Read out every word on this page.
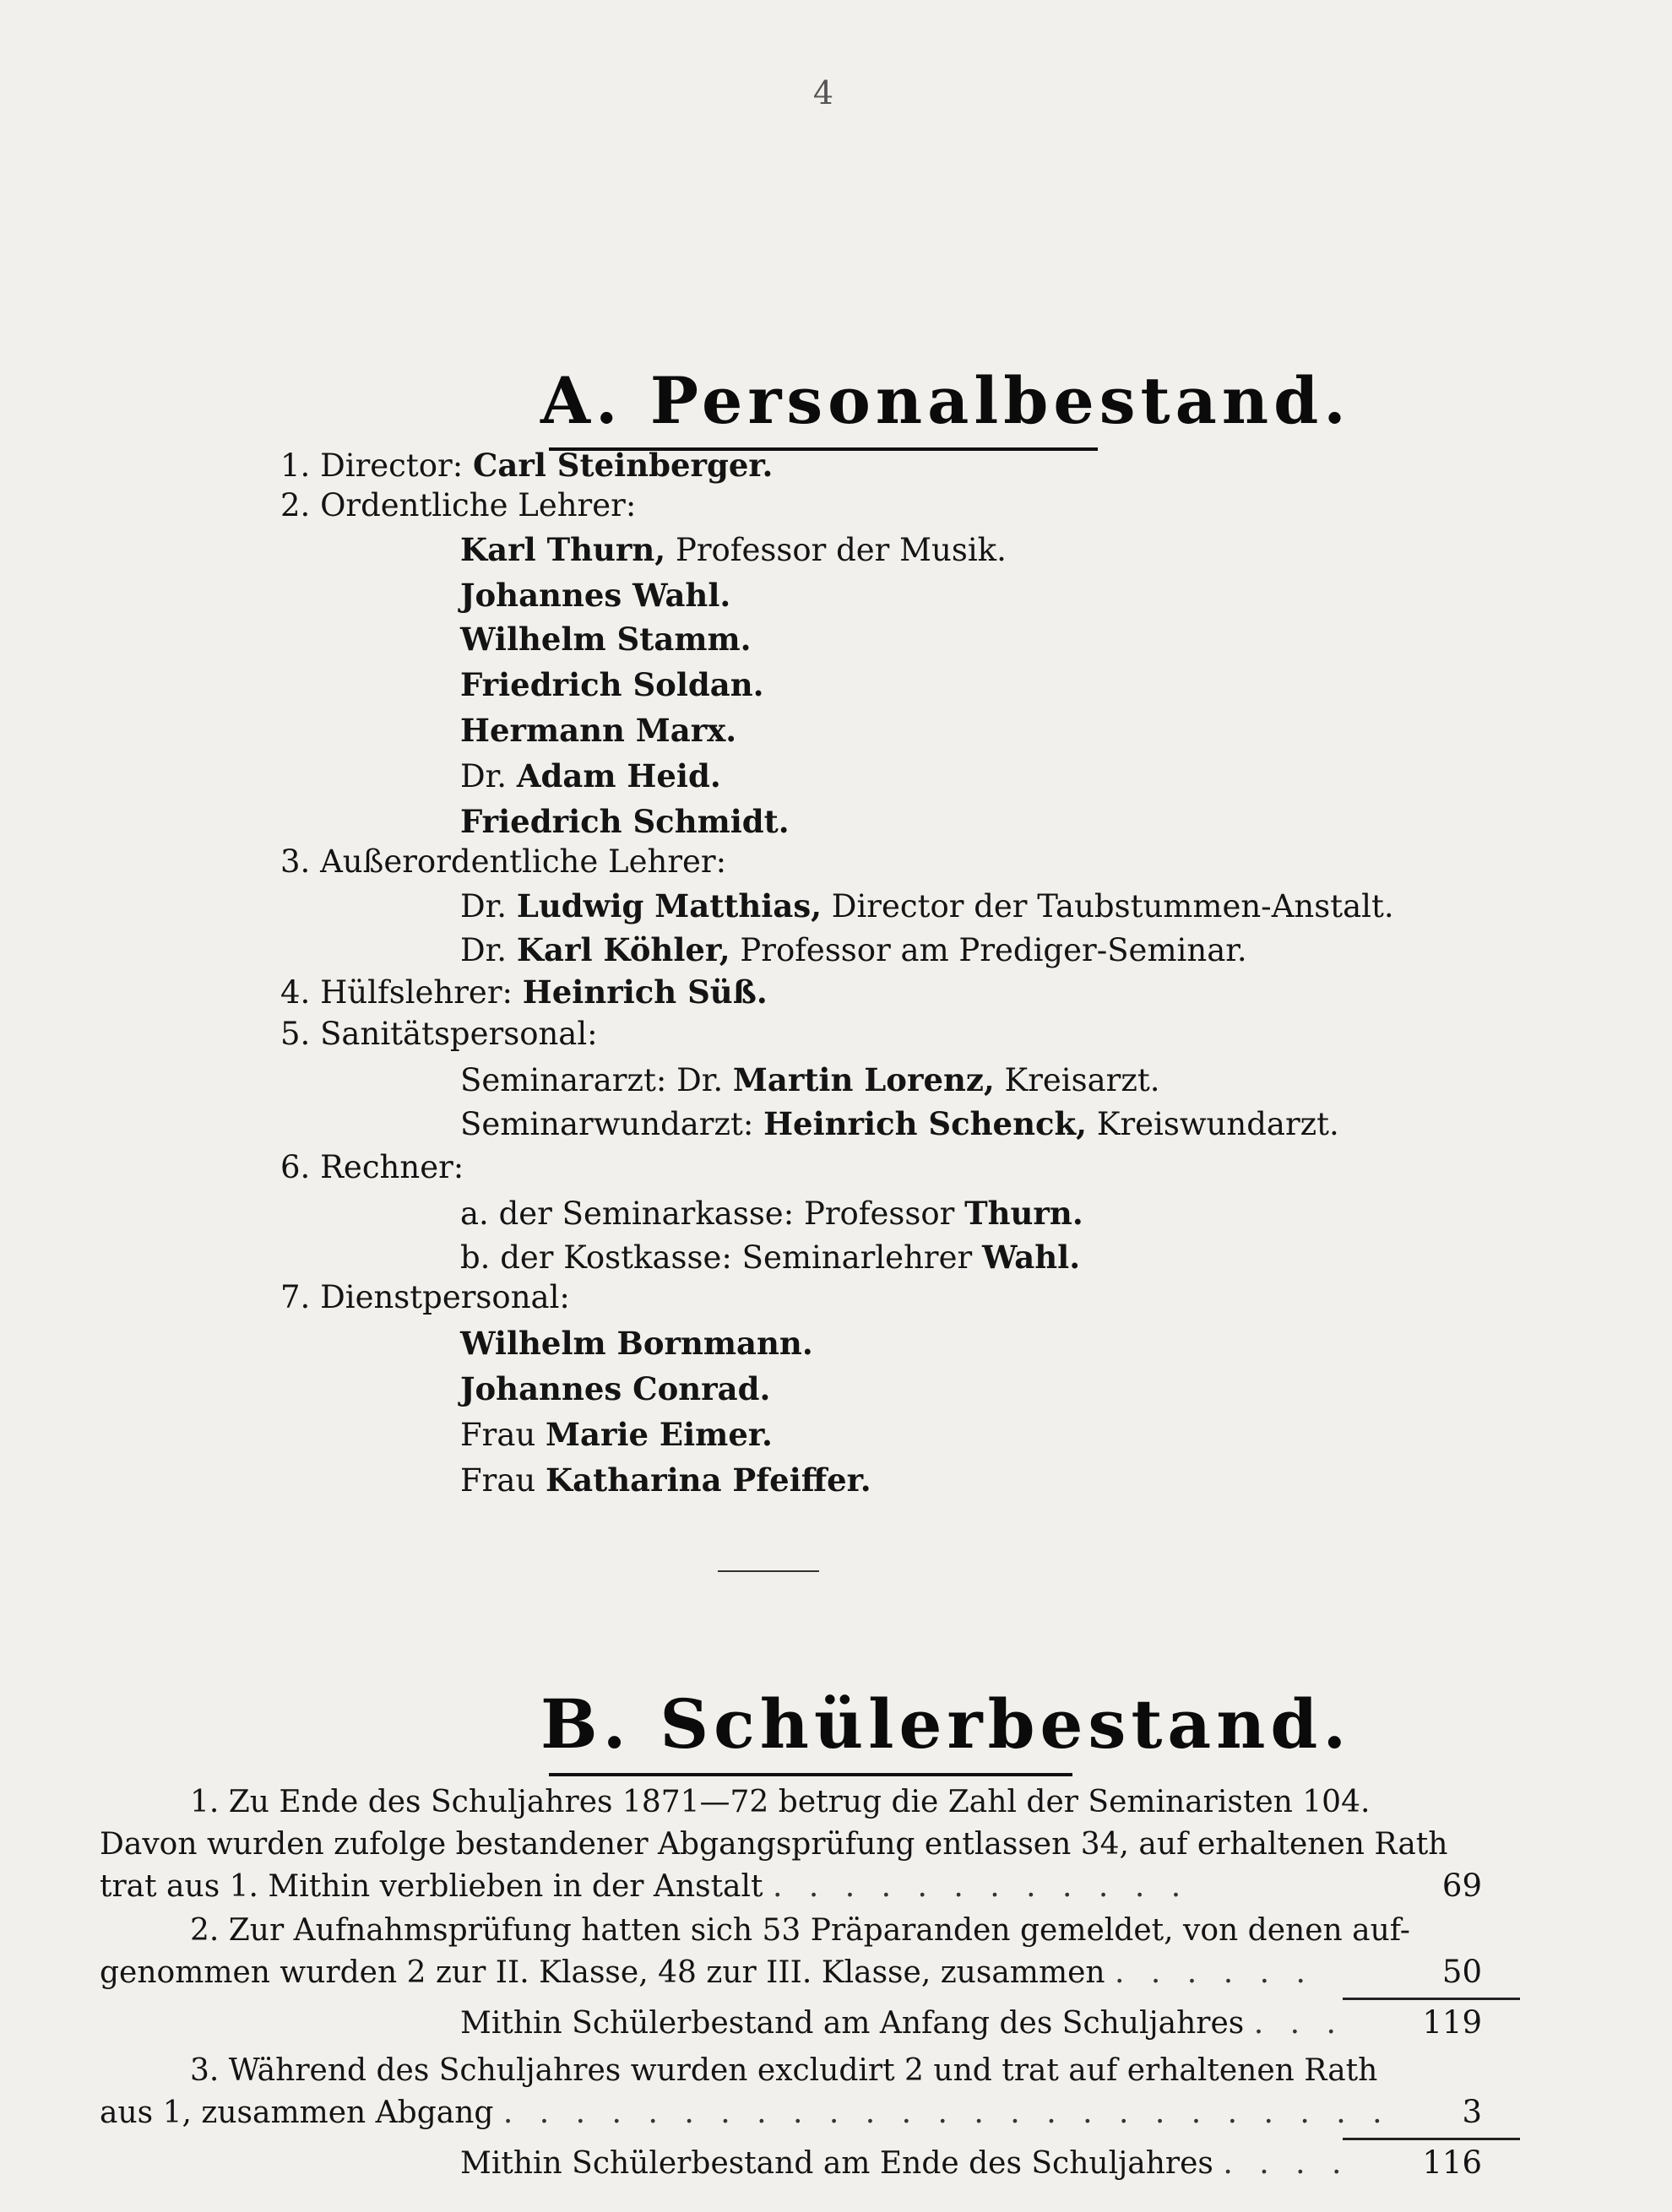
4
A. Personalbestand.
1. Director: Carl Steinberger.
2. Ordentliche Lehrer:
Karl Thurn, Professor der Musik.
Johannes Wahl.
Wilhelm Stamm.
Friedrich Soldan.
Hermann Marx.
Dr. Adam Heid.
Friedrich Schmidt.
3. Außerordentliche Lehrer:
Dr. Ludwig Matthias, Director der Taubstummen-Anstalt.
Dr. Karl Köhler, Professor am Prediger-Seminar.
4. Hülfslehrer: Heinrich Süß.
5. Sanitätspersonal:
Seminararzt: Dr. Martin Lorenz, Kreisarzt.
Seminarwundarzt: Heinrich Schenck, Kreiswundarzt.
6. Rechner:
a. der Seminarkasse: Professor Thurn.
b. der Kostkasse: Seminarlehrer Wahl.
7. Dienstpersonal:
Wilhelm Bornmann.
Johannes Conrad.
Frau Marie Eimer.
Frau Katharina Pfeiffer.
B. Schülerbestand.
1. Zu Ende des Schuljahres 1871—72 betrug die Zahl der Seminaristen 104.
Davon wurden zufolge bestandener Abgangsprüfung entlassen 34, auf erhaltenen Rath
trat aus 1. Mithin verblieben in der Anstalt . . . . . . . . . . . .	69
2. Zur Aufnahmsprüfung hatten sich 53 Präparanden gemeldet, von denen auf-
genommen wurden 2 zur II. Klasse, 48 zur III. Klasse, zusammen . . . . . .	50
Mithin Schülerbestand am Anfang des Schuljahres . . .	119
3. Während des Schuljahres wurden excludirt 2 und trat auf erhaltenen Rath
aus 1, zusammen Abgang . . . . . . . . . . . . . . . . . . . . . . . . .	3
Mithin Schülerbestand am Ende des Schuljahres . . . .	116
